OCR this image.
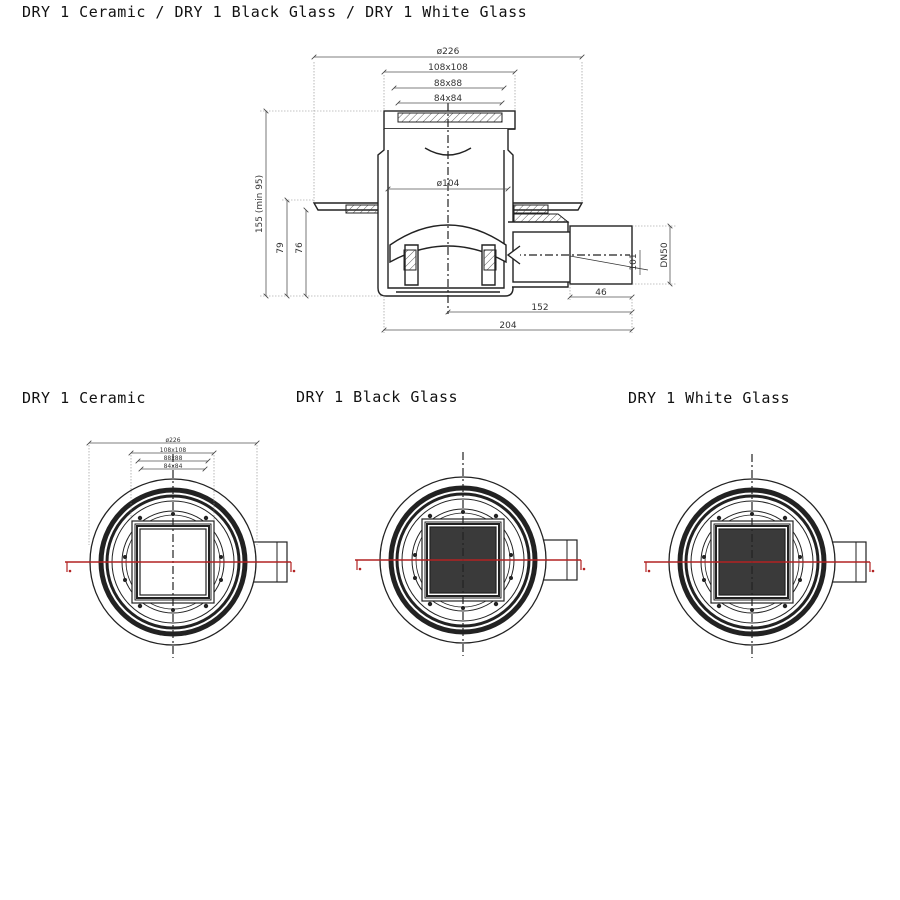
DRY 1 Ceramic / DRY 1 Black Glass / DRY 1 White Glass
DRY 1 Ceramic	DRY 1 Black Glass	DRY 1 White Glass
ø226
108x108
88x88
84x84
ø104
155 (min 95)
79 76	DN50
101
46
152
204
ø226
108x108
88x88
84x84
